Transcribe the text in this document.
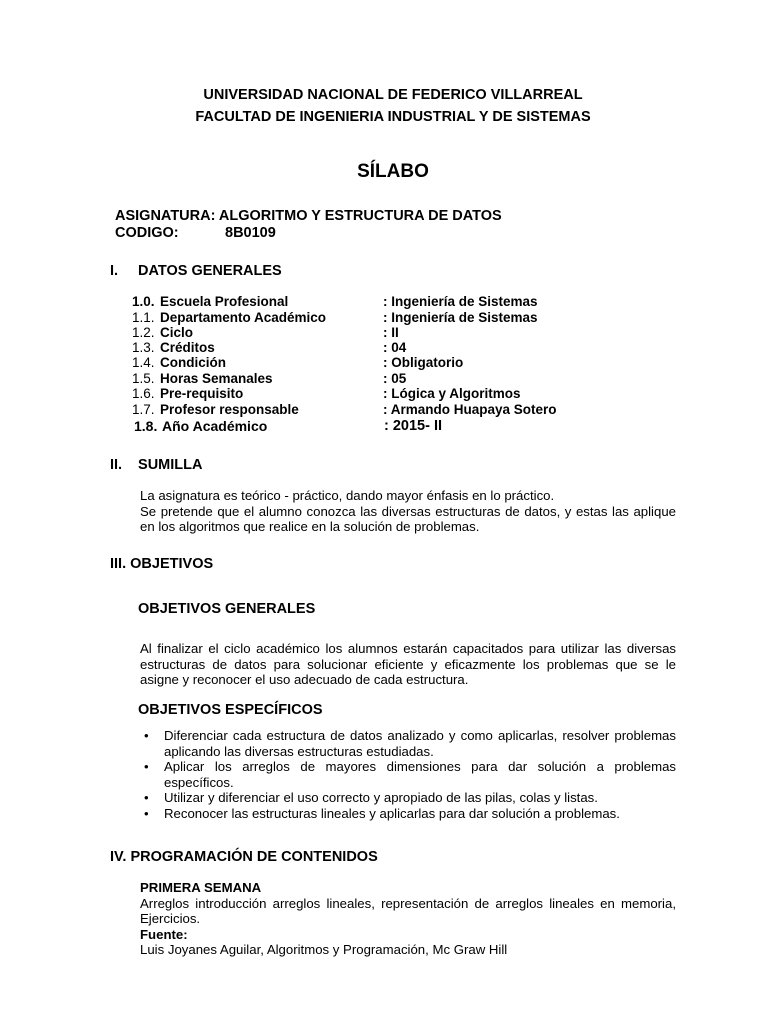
UNIVERSIDAD NACIONAL DE FEDERICO VILLARREAL
FACULTAD DE INGENIERIA INDUSTRIAL Y DE SISTEMAS
SÍLABO
ASIGNATURA: ALGORITMO Y ESTRUCTURA DE DATOS
CODIGO:	8B0109
I. DATOS GENERALES
1.0. Escuela Profesional	: Ingeniería de Sistemas
1.1. Departamento Académico	: Ingeniería de Sistemas
1.2. Ciclo	: II
1.3. Créditos	: 04
1.4. Condición	: Obligatorio
1.5. Horas Semanales	: 05
1.6. Pre-requisito	: Lógica y Algoritmos
1.7. Profesor responsable	: Armando Huapaya Sotero
1.8. Año Académico	: 2015- II
II. SUMILLA
La asignatura es teórico - práctico, dando mayor énfasis en lo práctico.
Se pretende que el alumno conozca las diversas estructuras de datos, y estas las aplique en los algoritmos que realice en la solución de problemas.
III. OBJETIVOS
OBJETIVOS GENERALES
Al finalizar el ciclo académico los alumnos estarán capacitados para utilizar las diversas estructuras de datos para solucionar eficiente y eficazmente los problemas que se le asigne y reconocer el uso adecuado de cada estructura.
OBJETIVOS ESPECÍFICOS
• Diferenciar cada estructura de datos analizado y como aplicarlas, resolver problemas aplicando las diversas estructuras estudiadas.
• Aplicar los arreglos de mayores dimensiones para dar solución a problemas específicos.
• Utilizar y diferenciar el uso correcto y apropiado de las pilas, colas y listas.
• Reconocer las estructuras lineales y aplicarlas para dar solución a problemas.
IV. PROGRAMACIÓN DE CONTENIDOS
PRIMERA SEMANA
Arreglos introducción arreglos lineales, representación de arreglos lineales en memoria, Ejercicios.
Fuente:
Luis Joyanes Aguilar, Algoritmos y Programación, Mc Graw Hill
